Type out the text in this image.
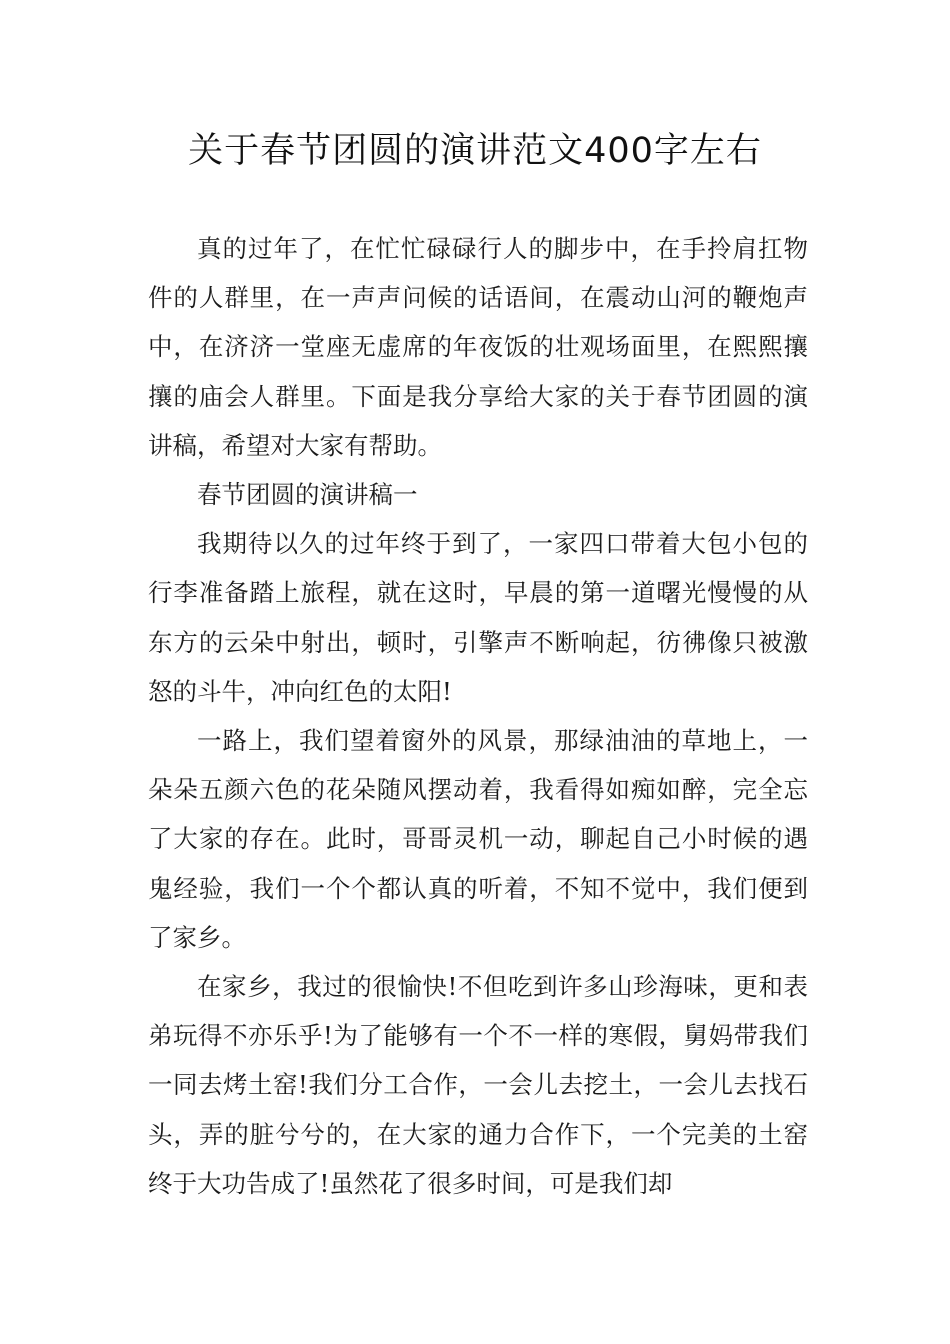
关于春节团圆的演讲范文400字左右

真的过年了，在忙忙碌碌行人的脚步中，在手拎肩扛物件的人群里，在一声声问候的话语间，在震动山河的鞭炮声中，在济济一堂座无虚席的年夜饭的壮观场面里，在熙熙攘攘的庙会人群里。下面是我分享给大家的关于春节团圆的演讲稿，希望对大家有帮助。

春节团圆的演讲稿一

我期待以久的过年终于到了，一家四口带着大包小包的行李准备踏上旅程，就在这时，早晨的第一道曙光慢慢的从东方的云朵中射出，顿时，引擎声不断响起，彷彿像只被激怒的斗牛，冲向红色的太阳!

一路上，我们望着窗外的风景，那绿油油的草地上，一朵朵五颜六色的花朵随风摆动着，我看得如痴如醉，完全忘了大家的存在。此时，哥哥灵机一动，聊起自己小时候的遇鬼经验，我们一个个都认真的听着，不知不觉中，我们便到了家乡。

在家乡，我过的很愉快!不但吃到许多山珍海味，更和表弟玩得不亦乐乎!为了能够有一个不一样的寒假，舅妈带我们一同去烤土窑!我们分工合作，一会儿去挖土，一会儿去找石头，弄的脏兮兮的，在大家的通力合作下，一个完美的土窑终于大功告成了!虽然花了很多时间，可是我们却
